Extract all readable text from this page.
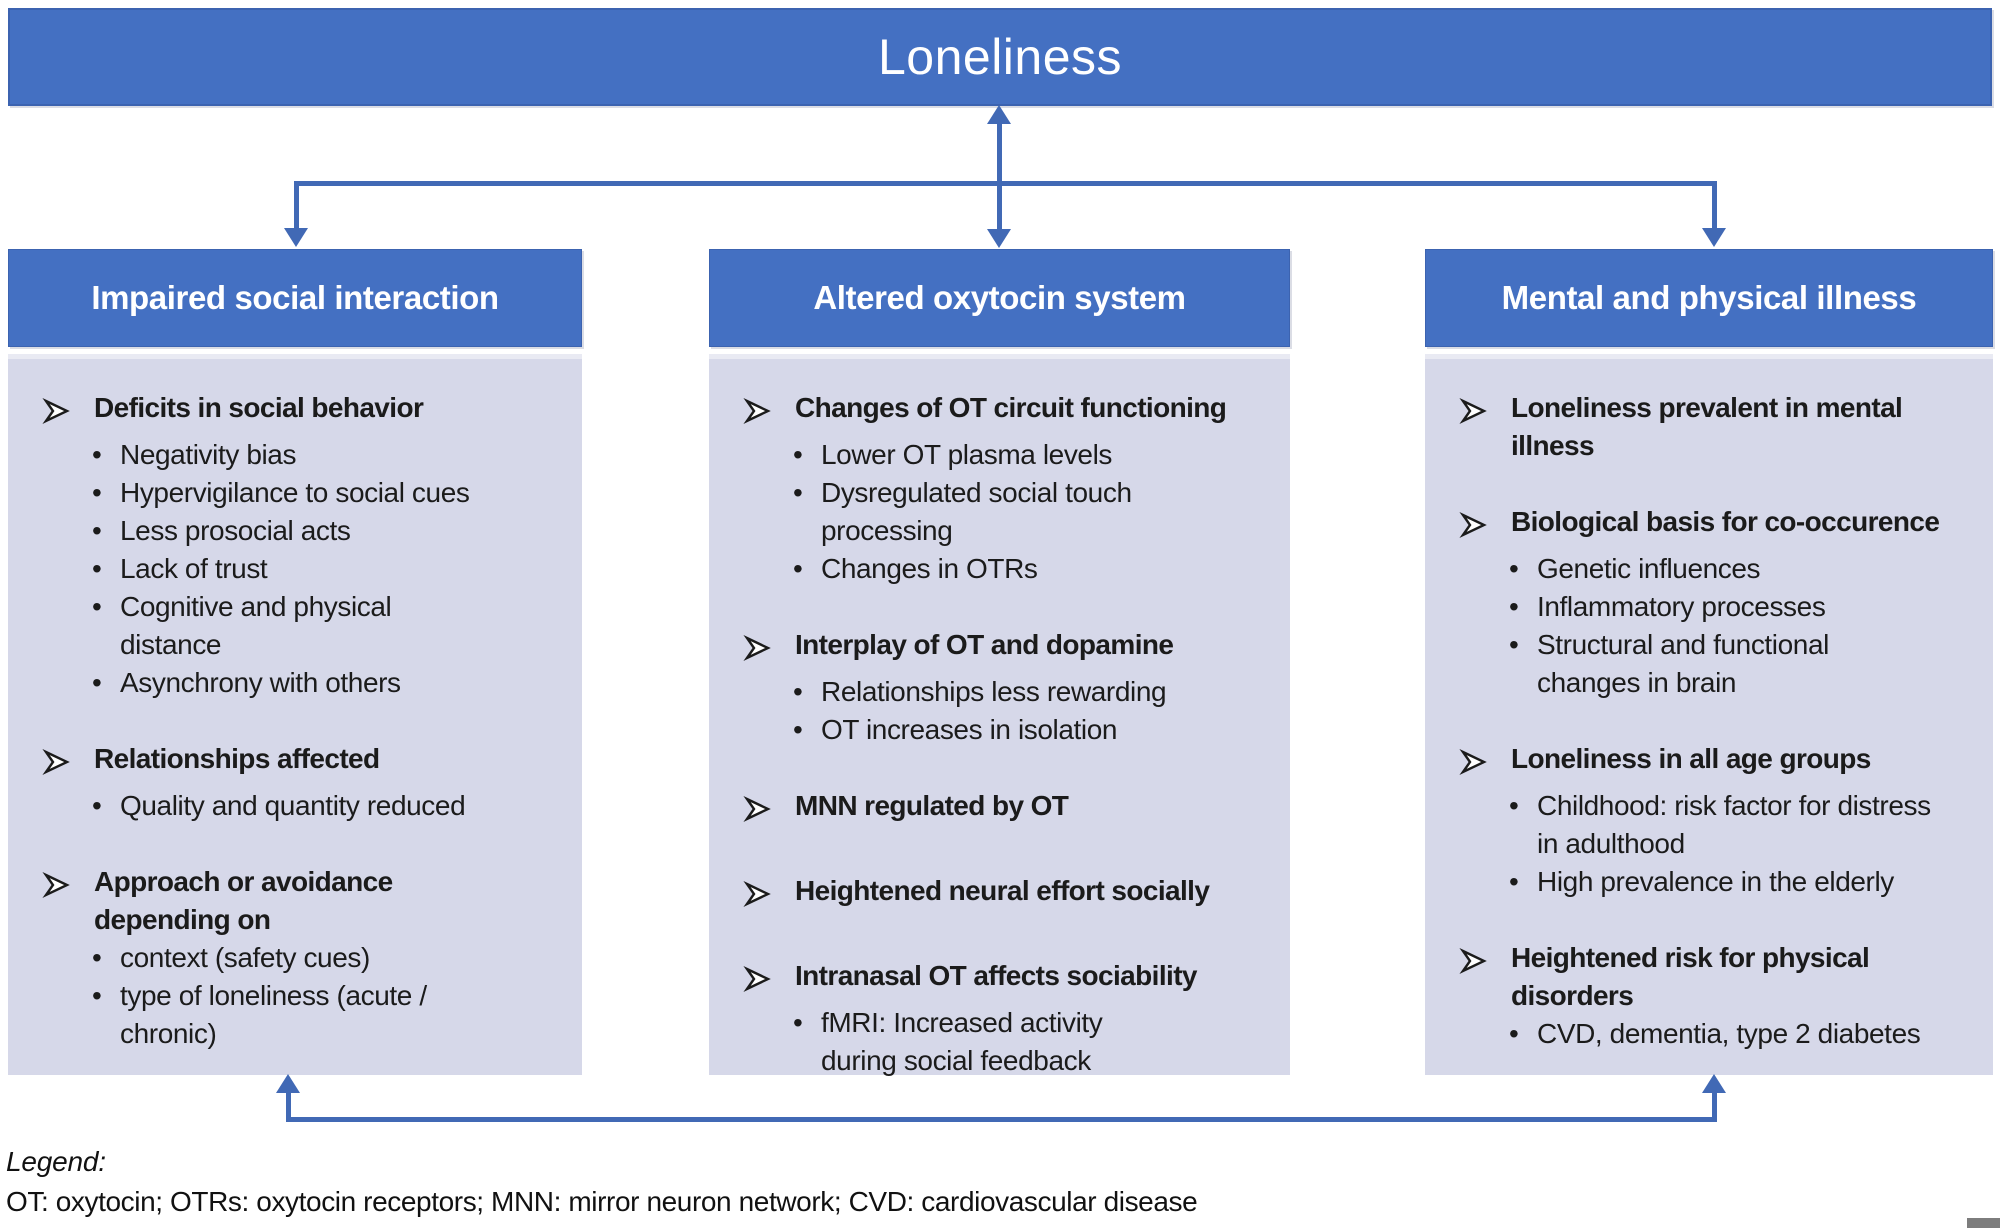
Loneliness
Impaired social interaction
Deficits in social behavior
• Negativity bias
• Hypervigilance to social cues
• Less prosocial acts
• Lack of trust
• Cognitive and physical
distance
• Asynchrony with others
Relationships affected
• Quality and quantity reduced
Approach or avoidance
depending on
• context (safety cues)
• type of loneliness (acute /
chronic)
Altered oxytocin system
Changes of OT circuit functioning
• Lower OT plasma levels
• Dysregulated social touch
processing
• Changes in OTRs
Interplay of OT and dopamine
• Relationships less rewarding
• OT increases in isolation
MNN regulated by OT
Heightened neural effort socially
Intranasal OT affects sociability
• fMRI: Increased activity
during social feedback
Mental and physical illness
Loneliness prevalent in mental
illness
Biological basis for co-occurence
• Genetic influences
• Inflammatory processes
• Structural and functional
changes in brain
Loneliness in all age groups
• Childhood: risk factor for distress
in adulthood
• High prevalence in the elderly
Heightened risk for physical
disorders
• CVD, dementia, type 2 diabetes
Legend:
OT: oxytocin; OTRs: oxytocin receptors; MNN: mirror neuron network; CVD: cardiovascular disease
